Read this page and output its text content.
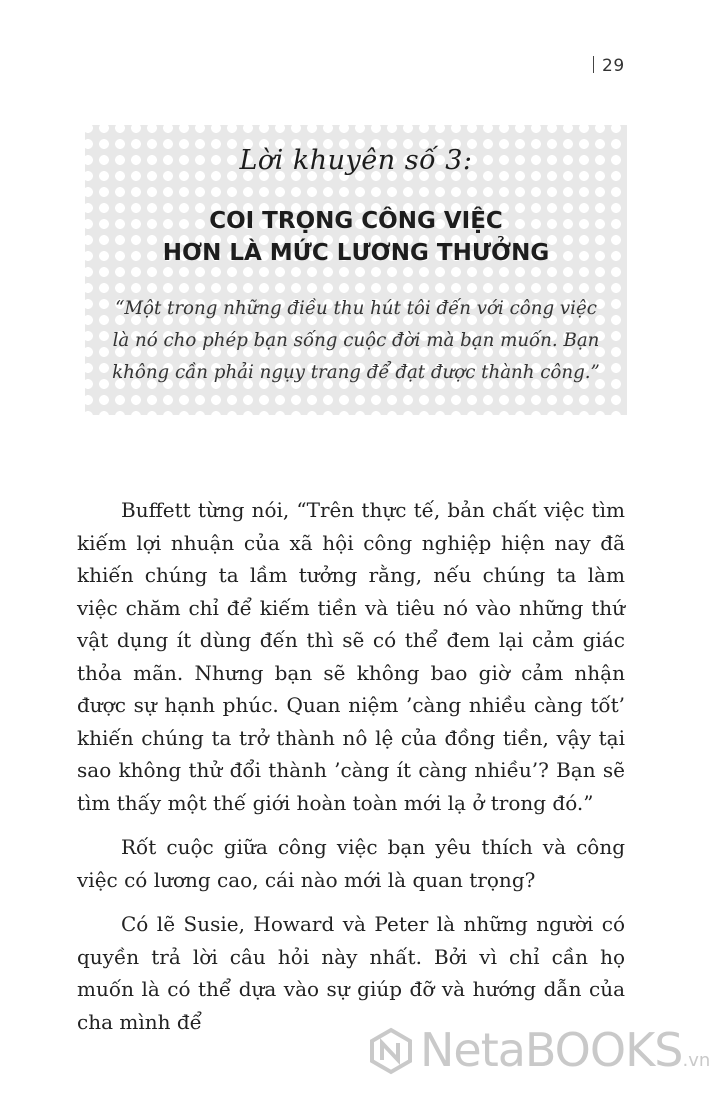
29
Lời khuyên số 3:
COI TRỌNG CÔNG VIỆC
HƠN LÀ MỨC LƯƠNG THƯỞNG
“Một trong những điều thu hút tôi đến với công việc
là nó cho phép bạn sống cuộc đời mà bạn muốn. Bạn
không cần phải ngụy trang để đạt được thành công.”

Buffett từng nói, “Trên thực tế, bản chất việc tìm kiếm lợi nhuận của xã hội công nghiệp hiện nay đã khiến chúng ta lầm tưởng rằng, nếu chúng ta làm việc chăm chỉ để kiếm tiền và tiêu nó vào những thứ vật dụng ít dùng đến thì sẽ có thể đem lại cảm giác thỏa mãn. Nhưng bạn sẽ không bao giờ cảm nhận được sự hạnh phúc. Quan niệm ’càng nhiều càng tốt’ khiến chúng ta trở thành nô lệ của đồng tiền, vậy tại sao không thử đổi thành ’càng ít càng nhiều’? Bạn sẽ tìm thấy một thế giới hoàn toàn mới lạ ở trong đó.”

Rốt cuộc giữa công việc bạn yêu thích và công việc có lương cao, cái nào mới là quan trọng?

Có lẽ Susie, Howard và Peter là những người có quyền trả lời câu hỏi này nhất. Bởi vì chỉ cần họ muốn là có thể dựa vào sự giúp đỡ và hướng dẫn của cha mình để

NetaBOOKS.vn
